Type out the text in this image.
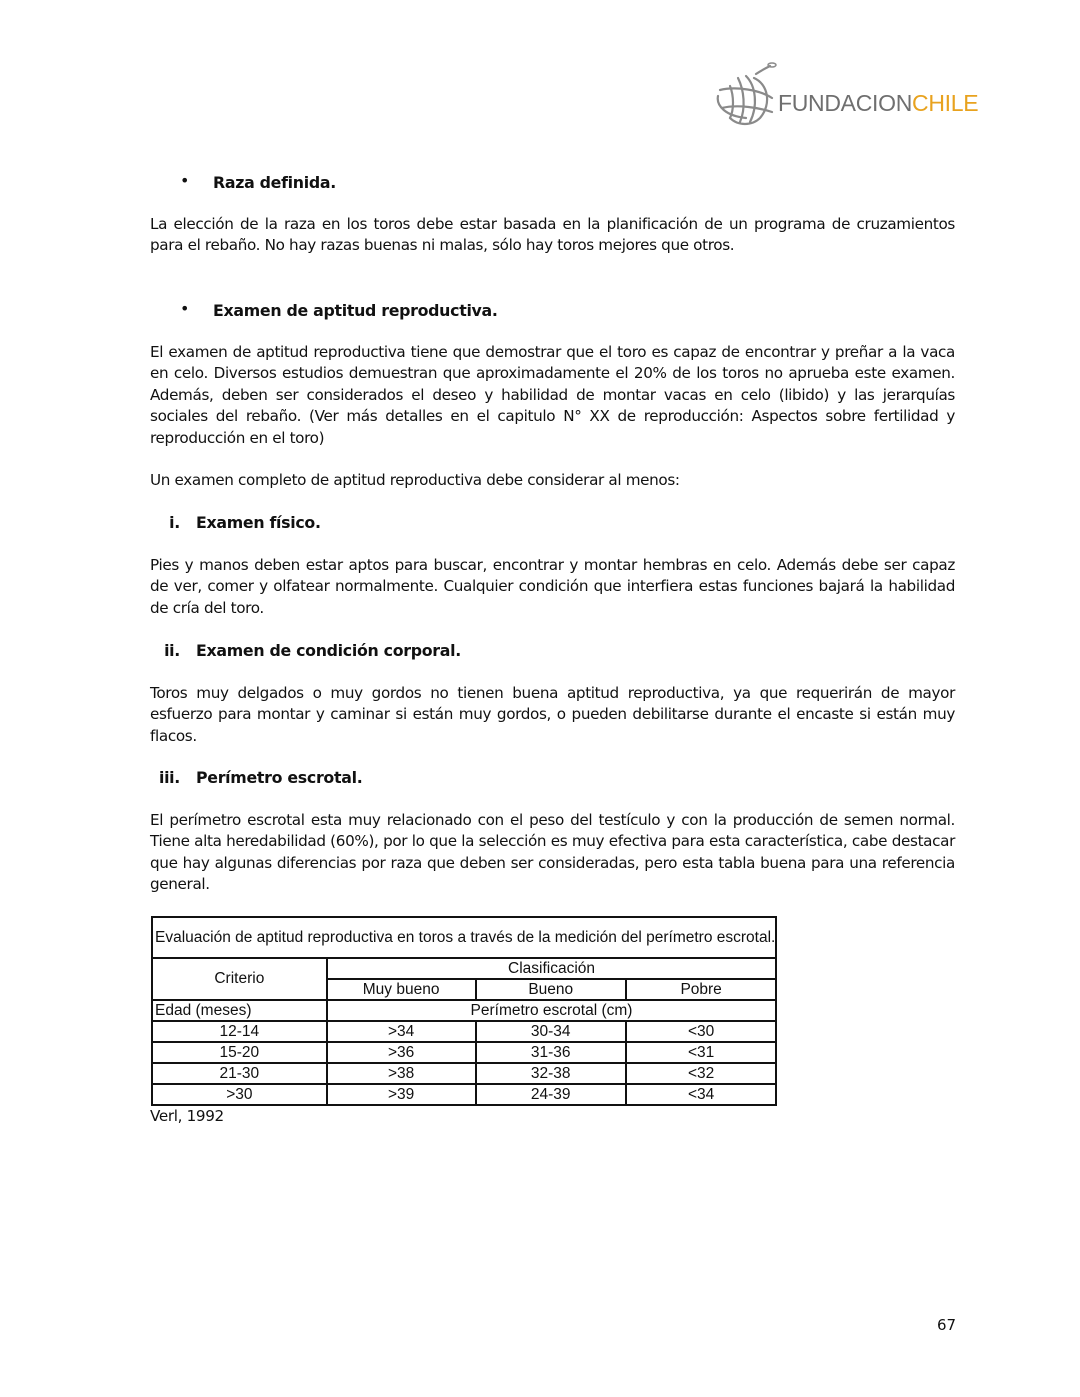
FUNDACIONCHILE
• Raza definida.

La elección de la raza en los toros debe estar basada en la planificación de un programa de cruzamientos para el rebaño. No hay razas buenas ni malas, sólo hay toros mejores que otros.

• Examen de aptitud reproductiva.

El examen de aptitud reproductiva tiene que demostrar que el toro es capaz de encontrar y preñar a la vaca en celo. Diversos estudios demuestran que aproximadamente el 20% de los toros no aprueba este examen. Además, deben ser considerados el deseo y habilidad de montar vacas en celo (libido) y las jerarquías sociales del rebaño. (Ver más detalles en el capitulo N° XX de reproducción: Aspectos sobre fertilidad y reproducción en el toro)

Un examen completo de aptitud reproductiva debe considerar al menos:

i. Examen físico.

Pies y manos deben estar aptos para buscar, encontrar y montar hembras en celo. Además debe ser capaz de ver, comer y olfatear normalmente. Cualquier condición que interfiera estas funciones bajará la habilidad de cría del toro.

ii. Examen de condición corporal.

Toros muy delgados o muy gordos no tienen buena aptitud reproductiva, ya que requerirán de mayor esfuerzo para montar y caminar si están muy gordos, o pueden debilitarse durante el encaste si están muy flacos.

iii. Perímetro escrotal.

El perímetro escrotal esta muy relacionado con el peso del testículo y con la producción de semen normal. Tiene alta heredabilidad (60%), por lo que la selección es muy efectiva para esta característica, cabe destacar que hay algunas diferencias por raza que deben ser consideradas, pero esta tabla buena para una referencia general.

Evaluación de aptitud reproductiva en toros a través de la medición del perímetro escrotal.			
Criterio	Clasificación		
	Muy bueno	Bueno	Pobre
Edad (meses)	Perímetro escrotal (cm)		
12-14	>34	30-34	<30
15-20	>36	31-36	<31
21-30	>38	32-38	<32
>30	>39	24-39	<34
Verl, 1992
67
